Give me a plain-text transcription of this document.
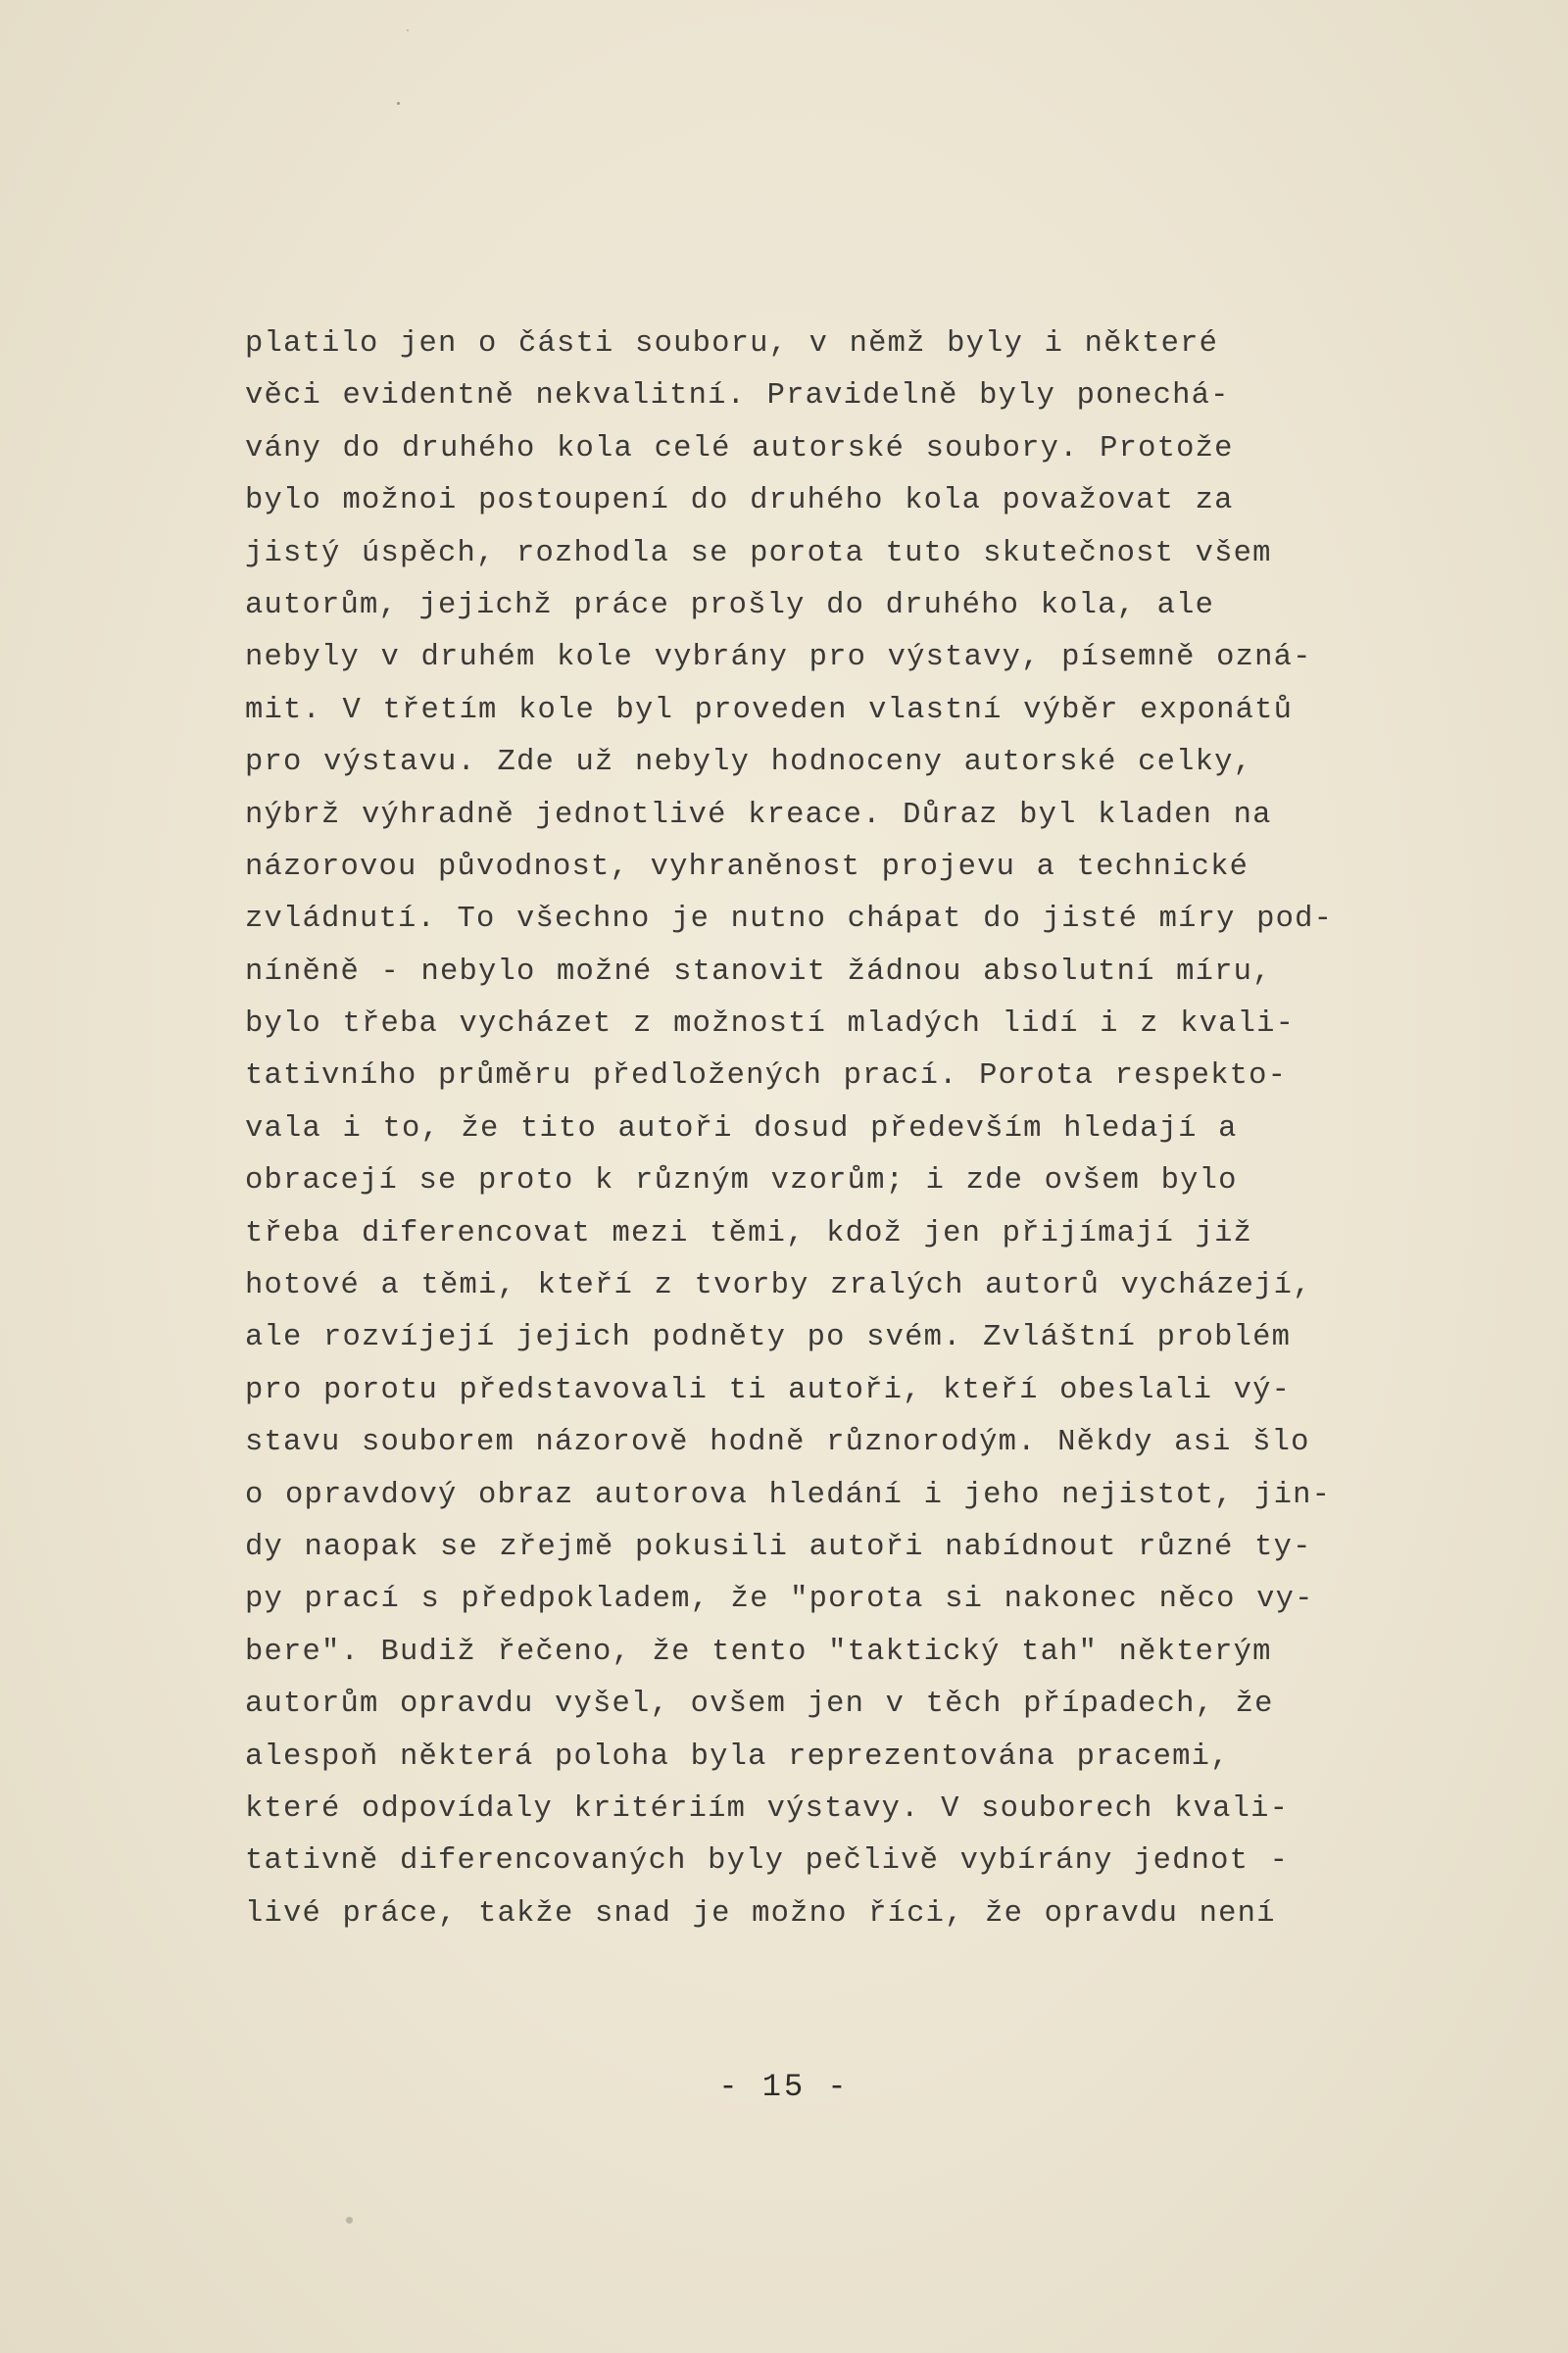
platilo jen o části souboru, v němž byly i některé
věci evidentně nekvalitní. Pravidelně byly ponechá-
vány do druhého kola celé autorské soubory. Protože
bylo možnoi postoupení do druhého kola považovat za
jistý úspěch, rozhodla se porota tuto skutečnost všem
autorům, jejichž práce prošly do druhého kola, ale
nebyly v druhém kole vybrány pro výstavy, písemně ozná-
mit. V třetím kole byl proveden vlastní výběr exponátů
pro výstavu. Zde už nebyly hodnoceny autorské celky,
nýbrž výhradně jednotlivé kreace. Důraz byl kladen na
názorovou původnost, vyhraněnost projevu a technické
zvládnutí. To všechno je nutno chápat do jisté míry pod-
níněně - nebylo možné stanovit žádnou absolutní míru,
bylo třeba vycházet z možností mladých lidí i z kvali-
tativního průměru předložených prací. Porota respekto-
vala i to, že tito autoři dosud především hledají a
obracejí se proto k různým vzorům; i zde ovšem bylo
třeba diferencovat mezi těmi, kdož jen přijímají již
hotové a těmi, kteří z tvorby zralých autorů vycházejí,
ale rozvíjejí jejich podněty po svém. Zvláštní problém
pro porotu představovali ti autoři, kteří obeslali vý-
stavu souborem názorově hodně různorodým. Někdy asi šlo
o opravdový obraz autorova hledání i jeho nejistot, jin-
dy naopak se zřejmě pokusili autoři nabídnout různé ty-
py prací s předpokladem, že "porota si nakonec něco vy-
bere". Budiž řečeno, že tento "taktický tah" některým
autorům opravdu vyšel, ovšem jen v těch případech, že
alespoň některá poloha byla reprezentována pracemi,
které odpovídaly kritériím výstavy. V souborech kvali-
tativně diferencovaných byly pečlivě vybírány jednot -
livé práce, takže snad je možno říci, že opravdu není
- 15 -
